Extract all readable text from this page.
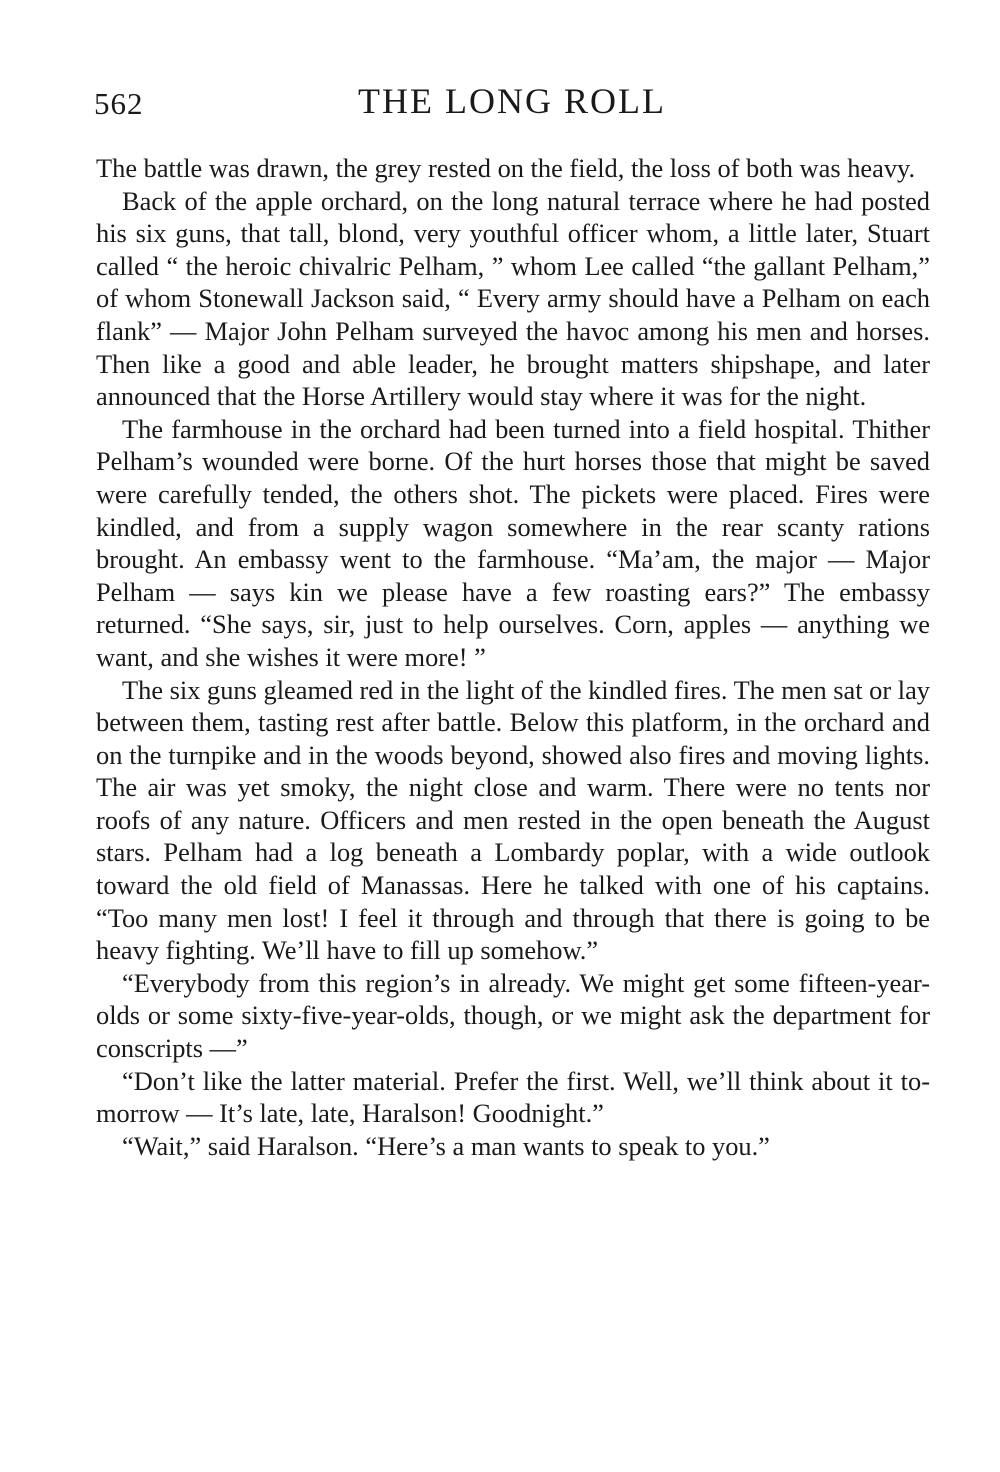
562	THE LONG ROLL

The battle was drawn, the grey rested on the field, the loss of both was heavy.

Back of the apple orchard, on the long natural terrace where he had posted his six guns, that tall, blond, very youthful officer whom, a little later, Stuart called “ the heroic chivalric Pelham, ” whom Lee called “the gallant Pelham,” of whom Stonewall Jackson said, “ Every army should have a Pelham on each flank” — Major John Pelham surveyed the havoc among his men and horses. Then like a good and able leader, he brought matters shipshape, and later announced that the Horse Artillery would stay where it was for the night.

The farmhouse in the orchard had been turned into a field hospital. Thither Pelham’s wounded were borne. Of the hurt horses those that might be saved were carefully tended, the others shot. The pickets were placed. Fires were kindled, and from a supply wagon somewhere in the rear scanty rations brought. An embassy went to the farmhouse. “Ma’am, the major — Major Pelham — says kin we please have a few roasting ears?” The embassy returned. “She says, sir, just to help ourselves. Corn, apples — anything we want, and she wishes it were more! ”

The six guns gleamed red in the light of the kindled fires. The men sat or lay between them, tasting rest after battle. Below this platform, in the orchard and on the turnpike and in the woods beyond, showed also fires and moving lights. The air was yet smoky, the night close and warm. There were no tents nor roofs of any nature. Officers and men rested in the open beneath the August stars. Pelham had a log beneath a Lombardy poplar, with a wide outlook toward the old field of Manassas. Here he talked with one of his captains. “Too many men lost! I feel it through and through that there is going to be heavy fighting. We’ll have to fill up somehow.”

“Everybody from this region’s in already. We might get some fifteen-year-olds or some sixty-five-year-olds, though, or we might ask the department for conscripts —”

“Don’t like the latter material. Prefer the first. Well, we’ll think about it to-morrow — It’s late, late, Haralson! Goodnight.”

“Wait,” said Haralson. “Here’s a man wants to speak to you.”
